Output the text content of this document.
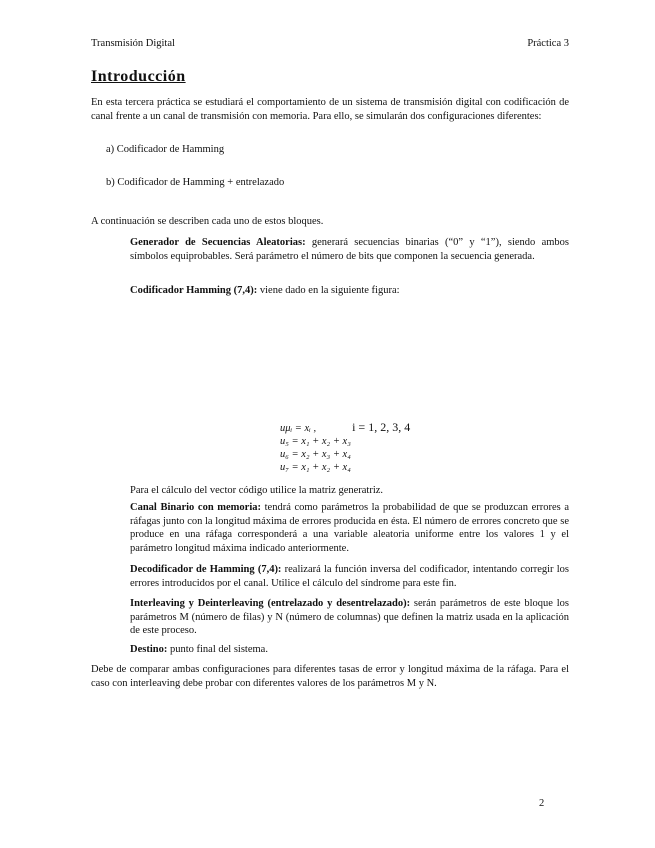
Transmisión Digital	Práctica 3
Introducción

En esta tercera práctica se estudiará el comportamiento de un sistema de transmisión digital con codificación de canal frente a un canal de transmisión con memoria. Para ello, se simularán dos configuraciones diferentes:

a) Codificador de Hamming

b) Codificador de Hamming + entrelazado

A continuación se describen cada uno de estos bloques.

Generador de Secuencias Aleatorias: generará secuencias binarias (“0” y “1”), siendo ambos símbolos equiprobables. Será parámetro el número de bits que componen la secuencia generada.

Codificador Hamming (7,4): viene dado en la siguiente figura:

uμᵢ = xᵢ ,	i = 1, 2, 3, 4
u₅ = x₁ + x₂ + x₃
u₆ = x₂ + x₃ + x₄
u₇ = x₁ + x₂ + x₄

Para el cálculo del vector código utilice la matriz generatriz.

Canal Binario con memoria: tendrá como parámetros la probabilidad de que se produzcan errores a ráfagas junto con la longitud máxima de errores producida en ésta. El número de errores concreto que se produce en una ráfaga corresponderá a una variable aleatoria uniforme entre los valores 1 y el parámetro longitud máxima indicado anteriormente.

Decodificador de Hamming (7,4): realizará la función inversa del codificador, intentando corregir los errores introducidos por el canal. Utilice el cálculo del síndrome para este fin.

Interleaving y Deinterleaving (entrelazado y desentrelazado): serán parámetros de este bloque los parámetros M (número de filas) y N (número de columnas) que definen la matriz usada en la aplicación de este proceso.

Destino: punto final del sistema.

Debe de comparar ambas configuraciones para diferentes tasas de error y longitud máxima de la ráfaga. Para el caso con interleaving debe probar con diferentes valores de los parámetros M y N.

2
